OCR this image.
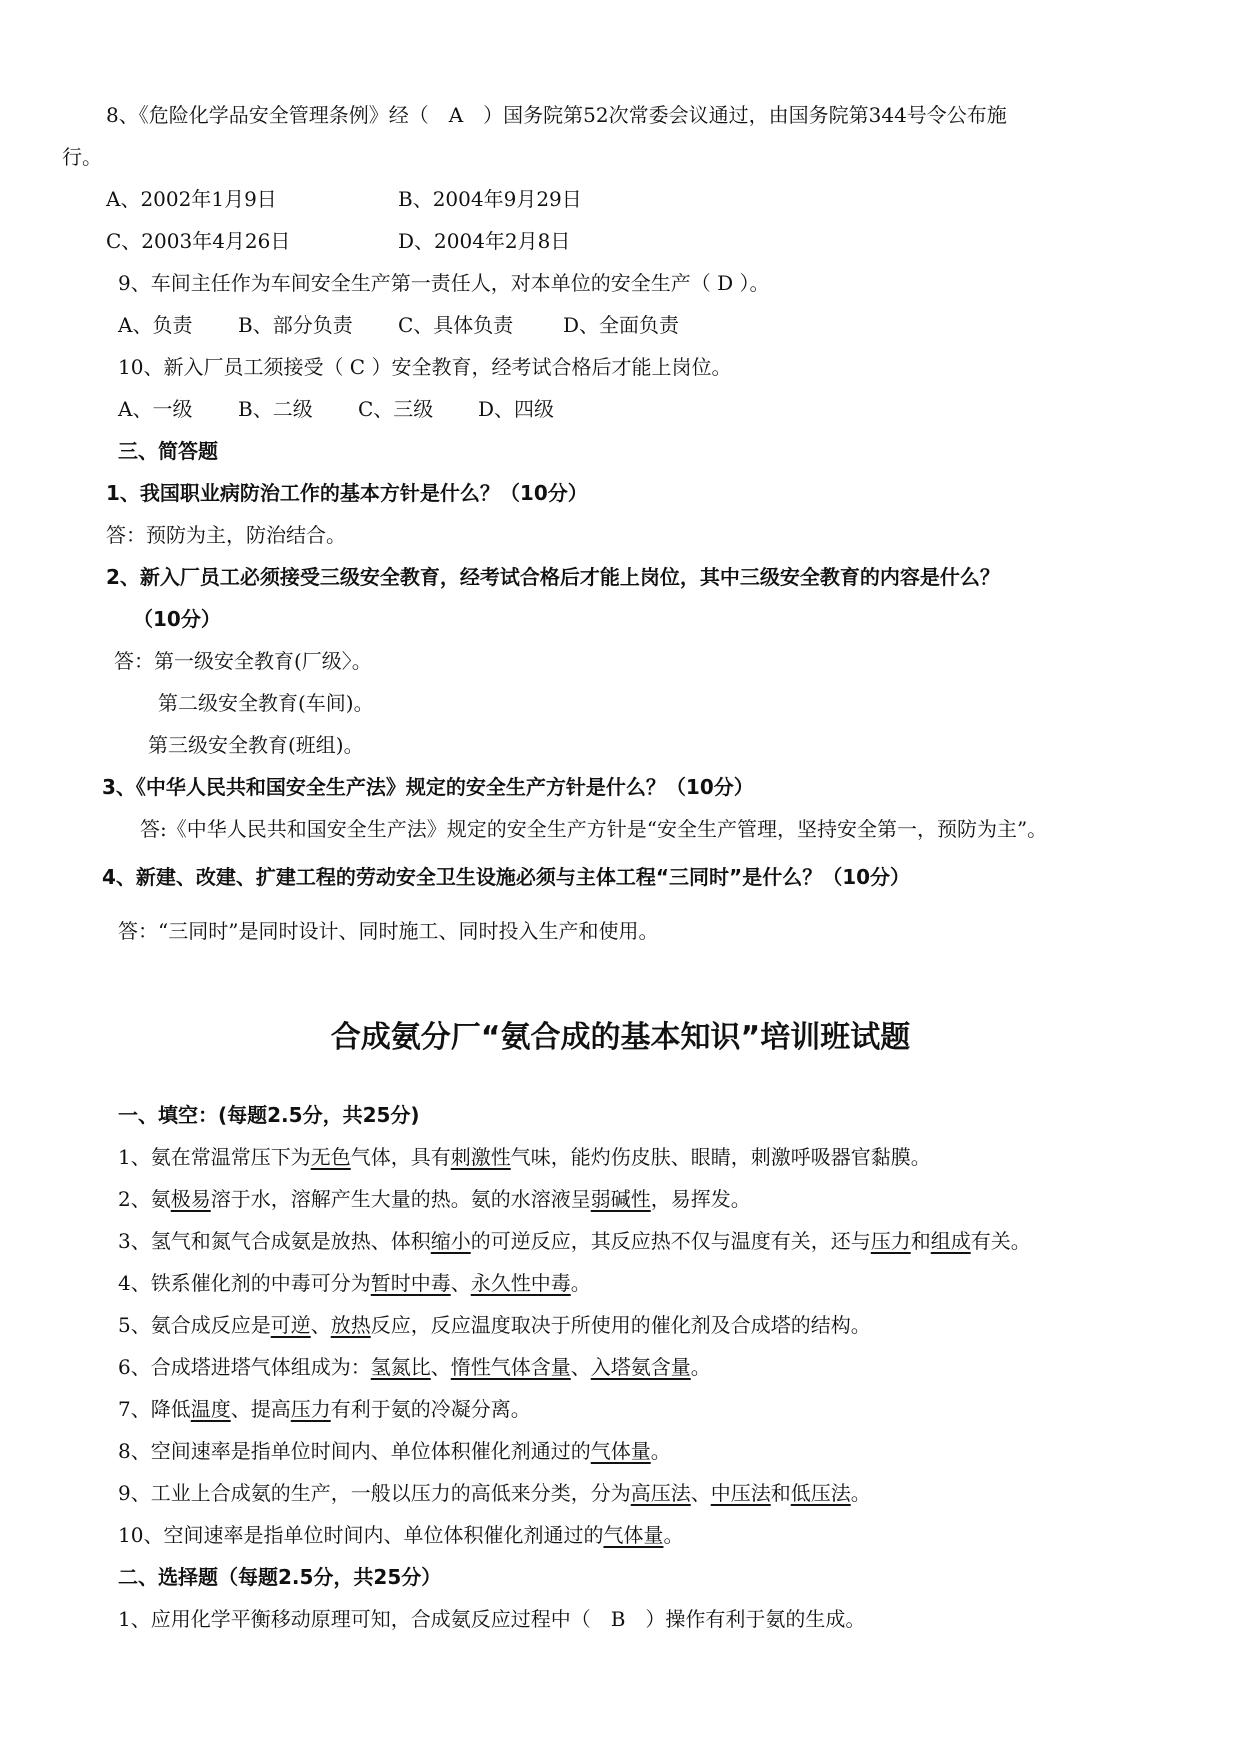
8、《危险化学品安全管理条例》经（　A　）国务院第52次常委会议通过，由国务院第344号令公布施
行。
A、2002年1月9日	B、2004年9月29日
C、2003年4月26日	D、2004年2月8日
9、车间主任作为车间安全生产第一责任人，对本单位的安全生产（ D ）。
A、负责 B、部分负责 C、具体负责 D、全面负责
10、新入厂员工须接受（ C ）安全教育，经考试合格后才能上岗位。
A、一级 B、二级 C、三级 D、四级
三、简答题
1、我国职业病防治工作的基本方针是什么？（10分）
答：预防为主，防治结合。
2、新入厂员工必须接受三级安全教育，经考试合格后才能上岗位，其中三级安全教育的内容是什么？
（10分）
答：第一级安全教育(厂级〉。
第二级安全教育(车间)。
第三级安全教育(班组)。
3、《中华人民共和国安全生产法》规定的安全生产方针是什么？（10分）
答:《中华人民共和国安全生产法》规定的安全生产方针是“安全生产管理，坚持安全第一，预防为主”。
4、新建、改建、扩建工程的劳动安全卫生设施必须与主体工程“三同时”是什么？（10分）
答：“三同时”是同时设计、同时施工、同时投入生产和使用。
合成氨分厂“氨合成的基本知识”培训班试题
一、填空：(每题2.5分，共25分)
1、氨在常温常压下为无色气体，具有刺激性气味，能灼伤皮肤、眼睛，刺激呼吸器官黏膜。
2、氨极易溶于水，溶解产生大量的热。氨的水溶液呈弱碱性，易挥发。
3、氢气和氮气合成氨是放热、体积缩小的可逆反应，其反应热不仅与温度有关，还与压力和组成有关。
4、铁系催化剂的中毒可分为暂时中毒、永久性中毒。
5、氨合成反应是可逆、放热反应，反应温度取决于所使用的催化剂及合成塔的结构。
6、合成塔进塔气体组成为：氢氮比、惰性气体含量、入塔氨含量。
7、降低温度、提高压力有利于氨的冷凝分离。
8、空间速率是指单位时间内、单位体积催化剂通过的气体量。
9、工业上合成氨的生产，一般以压力的高低来分类，分为高压法、中压法和低压法。
10、空间速率是指单位时间内、单位体积催化剂通过的气体量。
二、选择题（每题2.5分，共25分）
1、应用化学平衡移动原理可知，合成氨反应过程中（　B　）操作有利于氨的生成。
